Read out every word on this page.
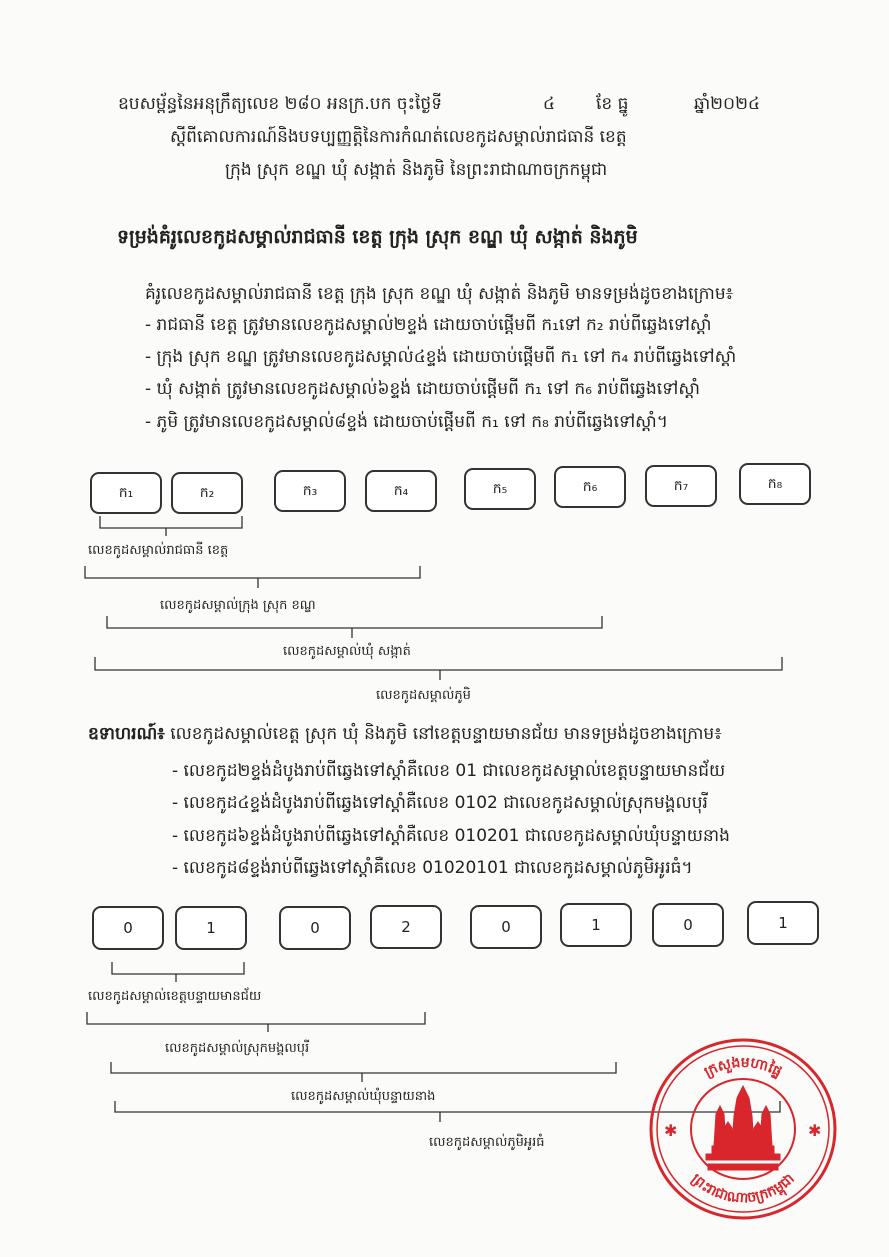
ឧបសម្ព័ន្ធនៃអនុក្រឹត្យលេខ ២៨០ អនក្រ.បក ចុះថ្ងៃទី	៤ ខែ ធ្នូ	ឆ្នាំ២០២៤
ស្តីពីគោលការណ៍និងបទប្បញ្ញត្តិនៃការកំណត់លេខកូដសម្គាល់រាជធានី ខេត្ត
ក្រុង ស្រុក ខណ្ឌ ឃុំ សង្កាត់ និងភូមិ នៃព្រះរាជាណាចក្រកម្ពុជា
ទម្រង់គំរូលេខកូដសម្គាល់រាជធានី ខេត្ត ក្រុង ស្រុក ខណ្ឌ ឃុំ សង្កាត់ និងភូមិ
គំរូលេខកូដសម្គាល់រាជធានី ខេត្ត ក្រុង ស្រុក ខណ្ឌ ឃុំ សង្កាត់ និងភូមិ មានទម្រង់ដូចខាងក្រោម៖
- រាជធានី ខេត្ត ត្រូវមានលេខកូដសម្គាល់២ខ្ទង់ ដោយចាប់ផ្តើមពី ក₁ទៅ ក₂ រាប់ពីឆ្វេងទៅស្តាំ
- ក្រុង ស្រុក ខណ្ឌ ត្រូវមានលេខកូដសម្គាល់៤ខ្ទង់ ដោយចាប់ផ្តើមពី ក₁ ទៅ ក₄ រាប់ពីឆ្វេងទៅស្តាំ
- ឃុំ សង្កាត់ ត្រូវមានលេខកូដសម្គាល់៦ខ្ទង់ ដោយចាប់ផ្តើមពី ក₁ ទៅ ក₆ រាប់ពីឆ្វេងទៅស្តាំ
- ភូមិ ត្រូវមានលេខកូដសម្គាល់៨ខ្ទង់ ដោយចាប់ផ្តើមពី ក₁ ទៅ ក₈ រាប់ពីឆ្វេងទៅស្តាំ។
ក₁	ក₂	ក₃	ក₄	ក₅	ក₆	ក₇	ក₈
លេខកូដសម្គាល់រាជធានី ខេត្ត
លេខកូដសម្គាល់ក្រុង ស្រុក ខណ្ឌ
លេខកូដសម្គាល់ឃុំ សង្កាត់
លេខកូដសម្គាល់ភូមិ
ឧទាហរណ៍៖ លេខកូដសម្គាល់ខេត្ត ស្រុក ឃុំ និងភូមិ នៅខេត្តបន្ទាយមានជ័យ មានទម្រង់ដូចខាងក្រោម៖
- លេខកូដ២ខ្ទង់ដំបូងរាប់ពីឆ្វេងទៅស្តាំគឺលេខ 01 ជាលេខកូដសម្គាល់ខេត្តបន្ទាយមានជ័យ
- លេខកូដ៤ខ្ទង់ដំបូងរាប់ពីឆ្វេងទៅស្តាំគឺលេខ 0102 ជាលេខកូដសម្គាល់ស្រុកមង្គលបុរី
- លេខកូដ៦ខ្ទង់ដំបូងរាប់ពីឆ្វេងទៅស្តាំគឺលេខ 010201 ជាលេខកូដសម្គាល់ឃុំបន្ទាយនាង
- លេខកូដ៨ខ្ទង់រាប់ពីឆ្វេងទៅស្តាំគឺលេខ 01020101 ជាលេខកូដសម្គាល់ភូមិអូរធំ។
0	1	0	2	0	1	0	1
លេខកូដសម្គាល់ខេត្តបន្ទាយមានជ័យ
លេខកូដសម្គាល់ស្រុកមង្គលបុរី
លេខកូដសម្គាល់ឃុំបន្ទាយនាង
លេខកូដសម្គាល់ភូមិអូរធំ
ក្រសួងមហាផ្ទៃ
ព្រះរាជាណាចក្រកម្ពុជា
✱	✱
